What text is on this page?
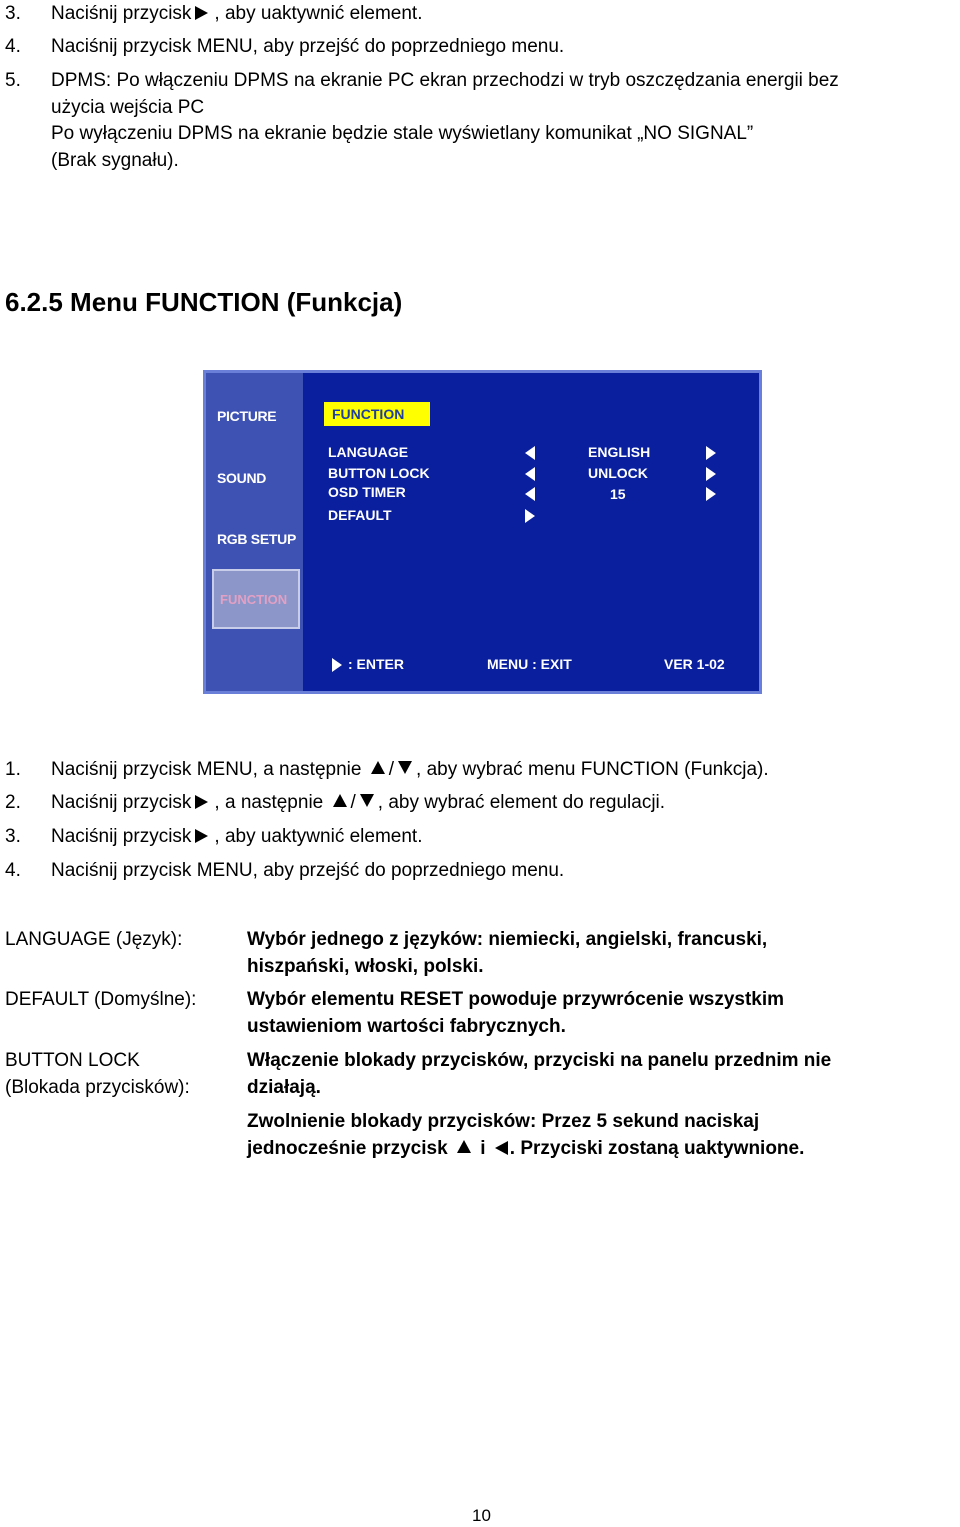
3. Naciśnij przycisk , aby uaktywnić element.
4. Naciśnij przycisk MENU, aby przejść do poprzedniego menu.
5. DPMS: Po włączeniu DPMS na ekranie PC ekran przechodzi w tryb oszczędzania energii bez
użycia wejścia PC
Po wyłączeniu DPMS na ekranie będzie stale wyświetlany komunikat „NO SIGNAL”
(Brak sygnału).
6.2.5 Menu FUNCTION (Funkcja)
PICTURE
SOUND
RGB SETUP
FUNCTION
FUNCTION
LANGUAGE
BUTTON LOCK
OSD TIMER
DEFAULT
ENGLISH
UNLOCK
15
: ENTER	MENU : EXIT	VER 1-02
1. Naciśnij przycisk MENU, a następnie / , aby wybrać menu FUNCTION (Funkcja).
2. Naciśnij przycisk , a następnie / , aby wybrać element do regulacji.
3. Naciśnij przycisk , aby uaktywnić element.
4. Naciśnij przycisk MENU, aby przejść do poprzedniego menu.
LANGUAGE (Język):	Wybór jednego z języków: niemiecki, angielski, francuski,
hiszpański, włoski, polski.
DEFAULT (Domyślne):	Wybór elementu RESET powoduje przywrócenie wszystkim
ustawieniom wartości fabrycznych.
BUTTON LOCK
(Blokada przycisków):
Włączenie blokady przycisków, przyciski na panelu przednim nie
działają.
Zwolnienie blokady przycisków: Przez 5 sekund naciskaj
jednocześnie przycisk i . Przyciski zostaną uaktywnione.
10
